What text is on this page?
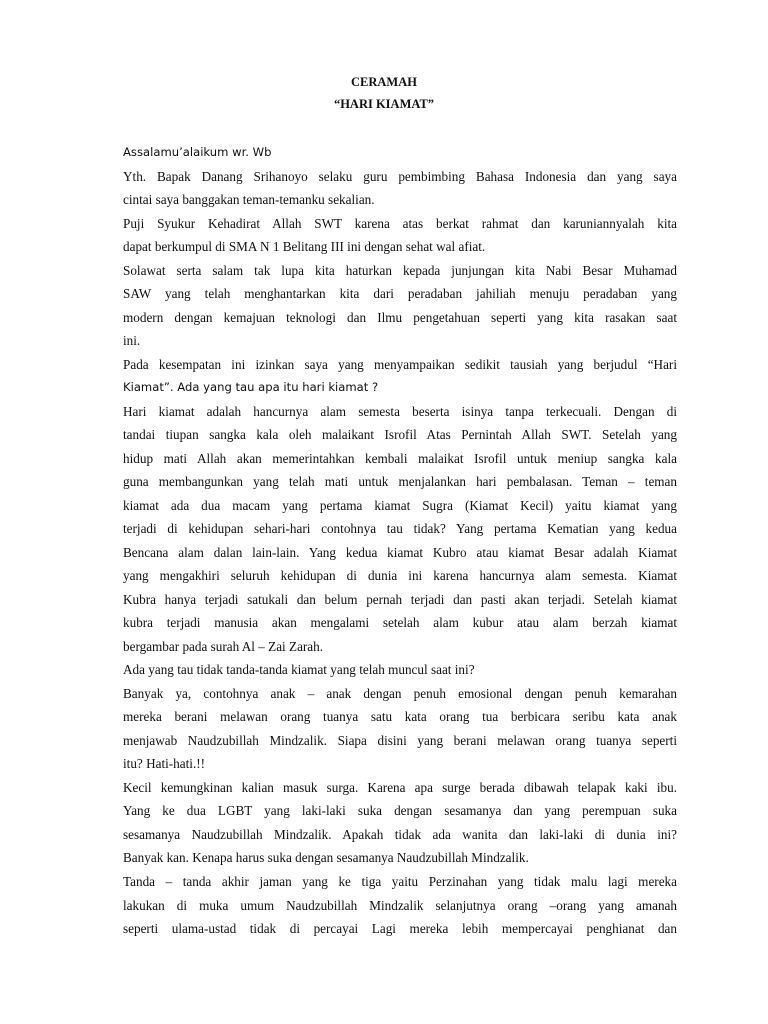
CERAMAH

“HARI KIAMAT”

Assalamu’alaikum wr. Wb
Yth. Bapak Danang Srihanoyo selaku guru pembimbing Bahasa Indonesia dan yang saya
cintai saya banggakan teman-temanku sekalian.
Puji Syukur Kehadirat Allah SWT karena atas berkat rahmat dan karuniannyalah kita
dapat berkumpul di SMA N 1 Belitang III ini dengan sehat wal afiat.
Solawat serta salam tak lupa kita haturkan kepada junjungan kita Nabi Besar Muhamad
SAW yang telah menghantarkan kita dari peradaban jahiliah menuju peradaban yang
modern dengan kemajuan teknologi dan Ilmu pengetahuan seperti yang kita rasakan saat
ini.
Pada kesempatan ini izinkan saya yang menyampaikan sedikit tausiah yang berjudul “Hari
Kiamat”. Ada yang tau apa itu hari kiamat ?
Hari kiamat adalah hancurnya alam semesta beserta isinya tanpa terkecuali. Dengan di
tandai tiupan sangka kala oleh malaikant Isrofil Atas Pernintah Allah SWT. Setelah yang
hidup mati Allah akan memerintahkan kembali malaikat Isrofil untuk meniup sangka kala
guna membangunkan yang telah mati untuk menjalankan hari pembalasan. Teman – teman
kiamat ada dua macam yang pertama kiamat Sugra (Kiamat Kecil) yaitu kiamat yang
terjadi di kehidupan sehari-hari contohnya tau tidak? Yang pertama Kematian yang kedua
Bencana alam dalan lain-lain. Yang kedua kiamat Kubro atau kiamat Besar adalah Kiamat
yang mengakhiri seluruh kehidupan di dunia ini karena hancurnya alam semesta. Kiamat
Kubra hanya terjadi satukali dan belum pernah terjadi dan pasti akan terjadi. Setelah kiamat
kubra terjadi manusia akan mengalami setelah alam kubur atau alam berzah kiamat
bergambar pada surah Al – Zai Zarah.
Ada yang tau tidak tanda-tanda kiamat yang telah muncul saat ini?
Banyak ya, contohnya anak – anak dengan penuh emosional dengan penuh kemarahan
mereka berani melawan orang tuanya satu kata orang tua berbicara seribu kata anak
menjawab Naudzubillah Mindzalik. Siapa disini yang berani melawan orang tuanya seperti
itu? Hati-hati.!!
Kecil kemungkinan kalian masuk surga. Karena apa surge berada dibawah telapak kaki ibu.
Yang ke dua LGBT yang laki-laki suka dengan sesamanya dan yang perempuan suka
sesamanya Naudzubillah Mindzalik. Apakah tidak ada wanita dan laki-laki di dunia ini?
Banyak kan. Kenapa harus suka dengan sesamanya Naudzubillah Mindzalik.
Tanda – tanda akhir jaman yang ke tiga yaitu Perzinahan yang tidak malu lagi mereka
lakukan di muka umum Naudzubillah Mindzalik selanjutnya orang –orang yang amanah
seperti ulama-ustad tidak di percayai Lagi mereka lebih mempercayai penghianat dan
